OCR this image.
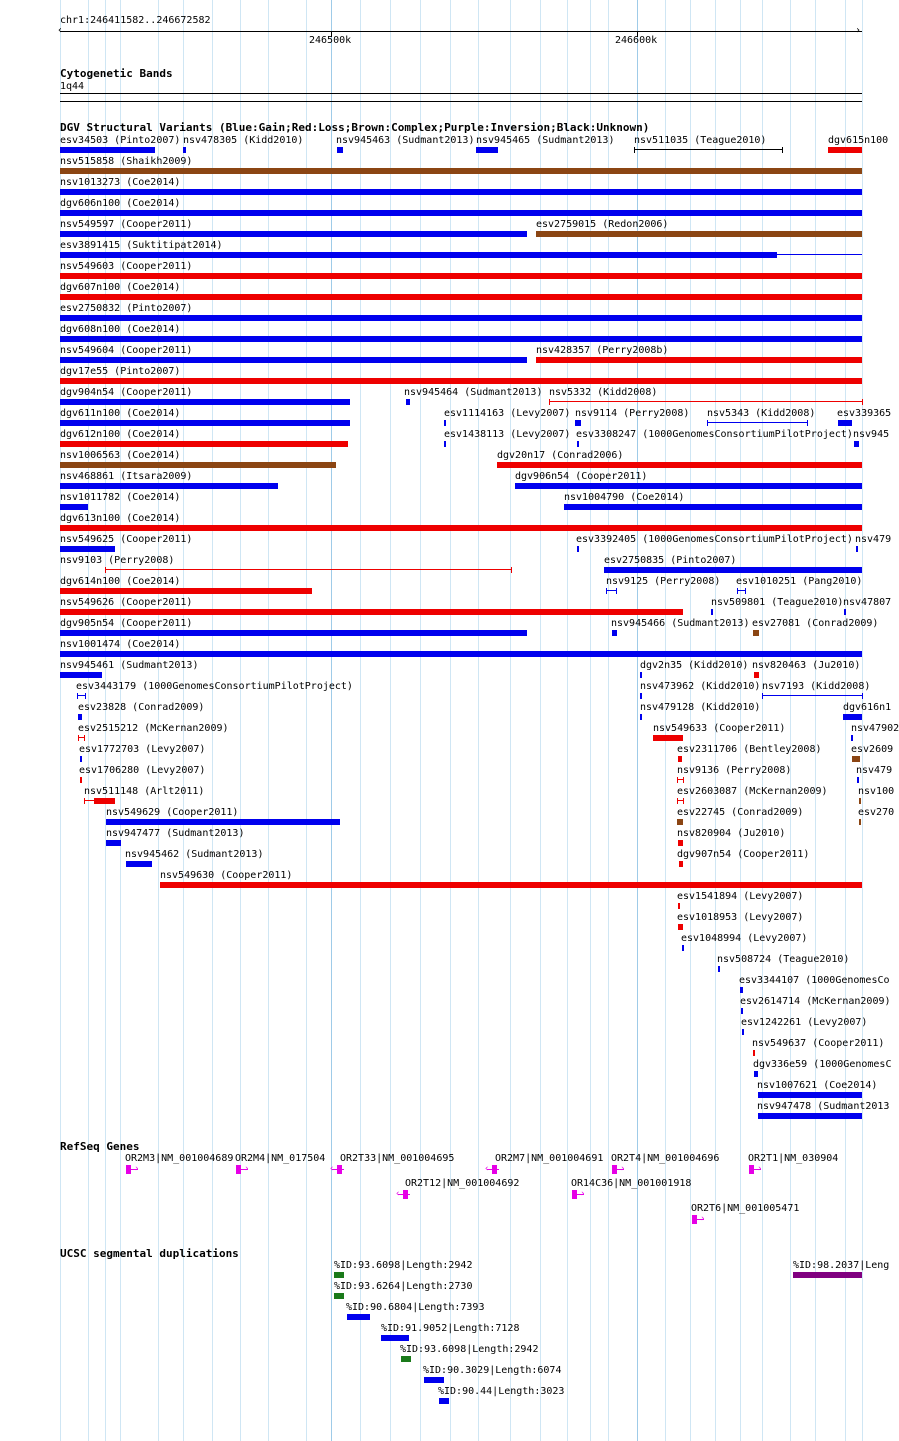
chr1:246411582..246672582
‹	›
246500k	246600k
Cytogenetic Bands
1q44
DGV Structural Variants (Blue:Gain;Red:Loss;Brown:Complex;Purple:Inversion;Black:Unknown)
esv34503 (Pinto2007) nsv478305 (Kidd2010)	nsv945463 (Sudmant2013) nsv945465 (Sudmant2013) nsv511035 (Teague2010)	dgv615n100
nsv515858 (Shaikh2009)
nsv1013273 (Coe2014)
dgv606n100 (Coe2014)
nsv549597 (Cooper2011)	esv2759015 (Redon2006)
esv3891415 (Suktitipat2014)
nsv549603 (Cooper2011)
dgv607n100 (Coe2014)
esv2750832 (Pinto2007)
dgv608n100 (Coe2014)
nsv549604 (Cooper2011)	nsv428357 (Perry2008b)
dgv17e55 (Pinto2007)
dgv904n54 (Cooper2011)	nsv945464 (Sudmant2013) nsv5332 (Kidd2008)
dgv611n100 (Coe2014)	esv1114163 (Levy2007) nsv9114 (Perry2008) nsv5343 (Kidd2008) esv339365
dgv612n100 (Coe2014)	esv1438113 (Levy2007) esv3308247 (1000GenomesConsortiumPilotProject) nsv945
nsv1006563 (Coe2014)	dgv20n17 (Conrad2006)
nsv468861 (Itsara2009)	dgv906n54 (Cooper2011)
nsv1011782 (Coe2014)	nsv1004790 (Coe2014)
dgv613n100 (Coe2014)
nsv549625 (Cooper2011)	esv3392405 (1000GenomesConsortiumPilotProject) nsv479
nsv9103 (Perry2008)	esv2750835 (Pinto2007)
dgv614n100 (Coe2014)	nsv9125 (Perry2008) esv1010251 (Pang2010)
nsv549626 (Cooper2011)	nsv509801 (Teague2010) nsv47807
dgv905n54 (Cooper2011)	nsv945466 (Sudmant2013) esv27081 (Conrad2009)
nsv1001474 (Coe2014)
nsv945461 (Sudmant2013)	dgv2n35 (Kidd2010) nsv820463 (Ju2010)
esv3443179 (1000GenomesConsortiumPilotProject)	nsv473962 (Kidd2010) nsv7193 (Kidd2008)
esv23828 (Conrad2009)	nsv479128 (Kidd2010)	dgv616n1
esv2515212 (McKernan2009)	nsv549633 (Cooper2011)	nsv47902
esv1772703 (Levy2007)	esv2311706 (Bentley2008)	esv2609
esv1706280 (Levy2007)	nsv9136 (Perry2008)	nsv479
nsv511148 (Arlt2011)	esv2603087 (McKernan2009)	nsv100
nsv549629 (Cooper2011)	esv22745 (Conrad2009)	esv270
nsv947477 (Sudmant2013)	nsv820904 (Ju2010)
nsv945462 (Sudmant2013)	dgv907n54 (Cooper2011)
nsv549630 (Cooper2011)
esv1541894 (Levy2007)
esv1018953 (Levy2007)
esv1048994 (Levy2007)
nsv508724 (Teague2010)
esv3344107 (1000GenomesCo
esv2614714 (McKernan2009)
esv1242261 (Levy2007)
nsv549637 (Cooper2011)
dgv336e59 (1000GenomesC
nsv1007621 (Coe2014)
nsv947478 (Sudmant2013
RefSeq Genes
OR2M3|NM_001004689
›
OR2M4|NM_017504
›
OR2T33|NM_001004695
‹
OR2M7|NM_001004691
‹
OR2T4|NM_001004696
›
OR2T1|NM_030904
›
OR2T12|NM_001004692
‹
OR14C36|NM_001001918
›
OR2T6|NM_001005471
›
UCSC segmental duplications
%ID:93.6098|Length:2942
%ID:93.6264|Length:2730
%ID:90.6804|Length:7393
%ID:91.9052|Length:7128
%ID:93.6098|Length:2942
%ID:90.3029|Length:6074
%ID:90.44|Length:3023
%ID:98.2037|Leng
